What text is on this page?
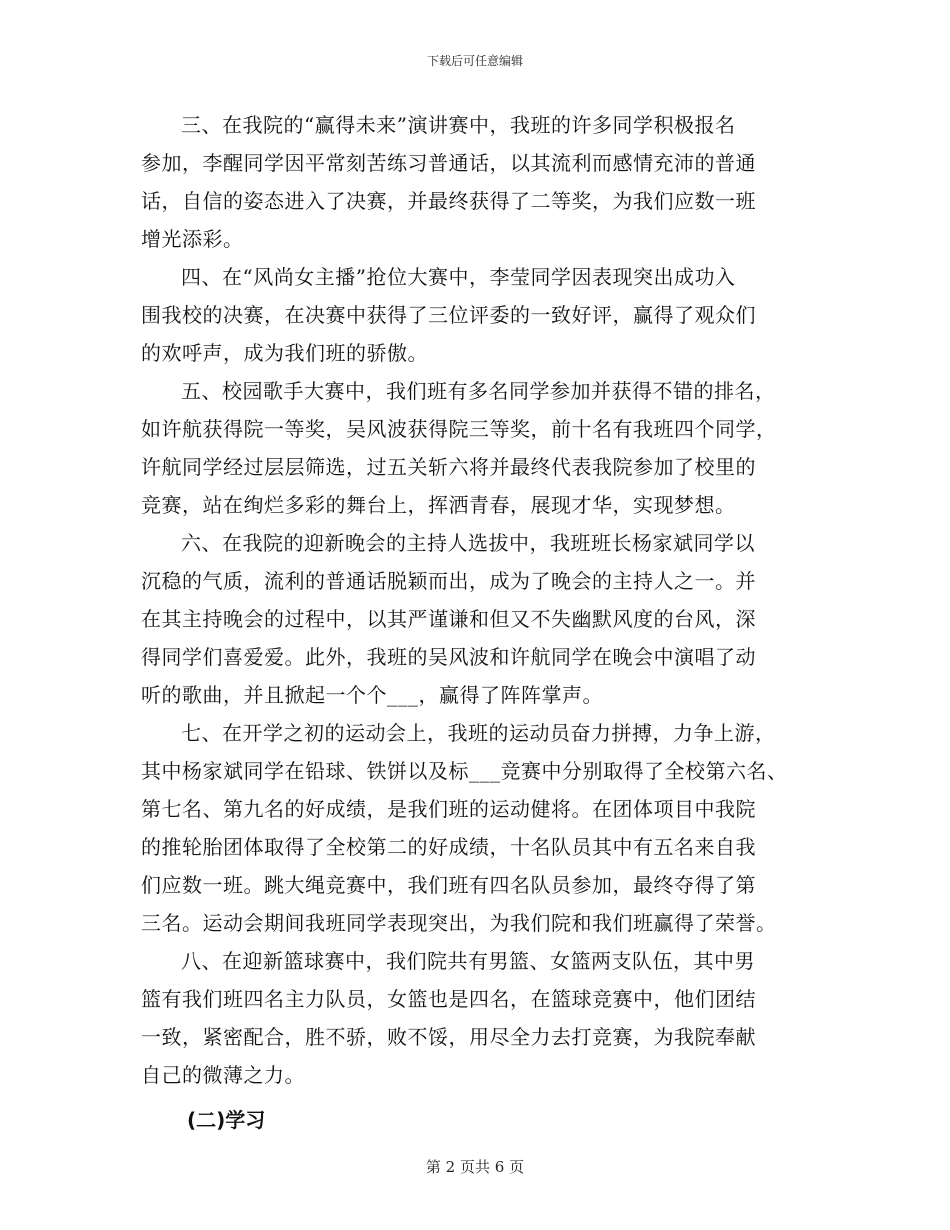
下载后可任意编辑
三、在我院的“赢得未来”演讲赛中，我班的许多同学积极报名
参加，李醒同学因平常刻苦练习普通话，以其流利而感情充沛的普通
话，自信的姿态进入了决赛，并最终获得了二等奖，为我们应数一班
增光添彩。
四、在“风尚女主播”抢位大赛中，李莹同学因表现突出成功入
围我校的决赛，在决赛中获得了三位评委的一致好评，赢得了观众们
的欢呼声，成为我们班的骄傲。
五、校园歌手大赛中，我们班有多名同学参加并获得不错的排名，
如许航获得院一等奖，吴风波获得院三等奖，前十名有我班四个同学，
许航同学经过层层筛选，过五关斩六将并最终代表我院参加了校里的
竞赛，站在绚烂多彩的舞台上，挥洒青春，展现才华，实现梦想。
六、在我院的迎新晚会的主持人选拔中，我班班长杨家斌同学以
沉稳的气质，流利的普通话脱颖而出，成为了晚会的主持人之一。并
在其主持晚会的过程中，以其严谨谦和但又不失幽默风度的台风，深
得同学们喜爱爱。此外，我班的吴风波和许航同学在晚会中演唱了动
听的歌曲，并且掀起一个个___，赢得了阵阵掌声。
七、在开学之初的运动会上，我班的运动员奋力拼搏，力争上游，
其中杨家斌同学在铅球、铁饼以及标___竞赛中分别取得了全校第六名、
第七名、第九名的好成绩，是我们班的运动健将。在团体项目中我院
的推轮胎团体取得了全校第二的好成绩，十名队员其中有五名来自我
们应数一班。跳大绳竞赛中，我们班有四名队员参加，最终夺得了第
三名。运动会期间我班同学表现突出，为我们院和我们班赢得了荣誉。
八、在迎新篮球赛中，我们院共有男篮、女篮两支队伍，其中男
篮有我们班四名主力队员，女篮也是四名，在篮球竞赛中，他们团结
一致，紧密配合，胜不骄，败不馁，用尽全力去打竞赛，为我院奉献
自己的微薄之力。
(二)学习
第 2 页共 6 页
